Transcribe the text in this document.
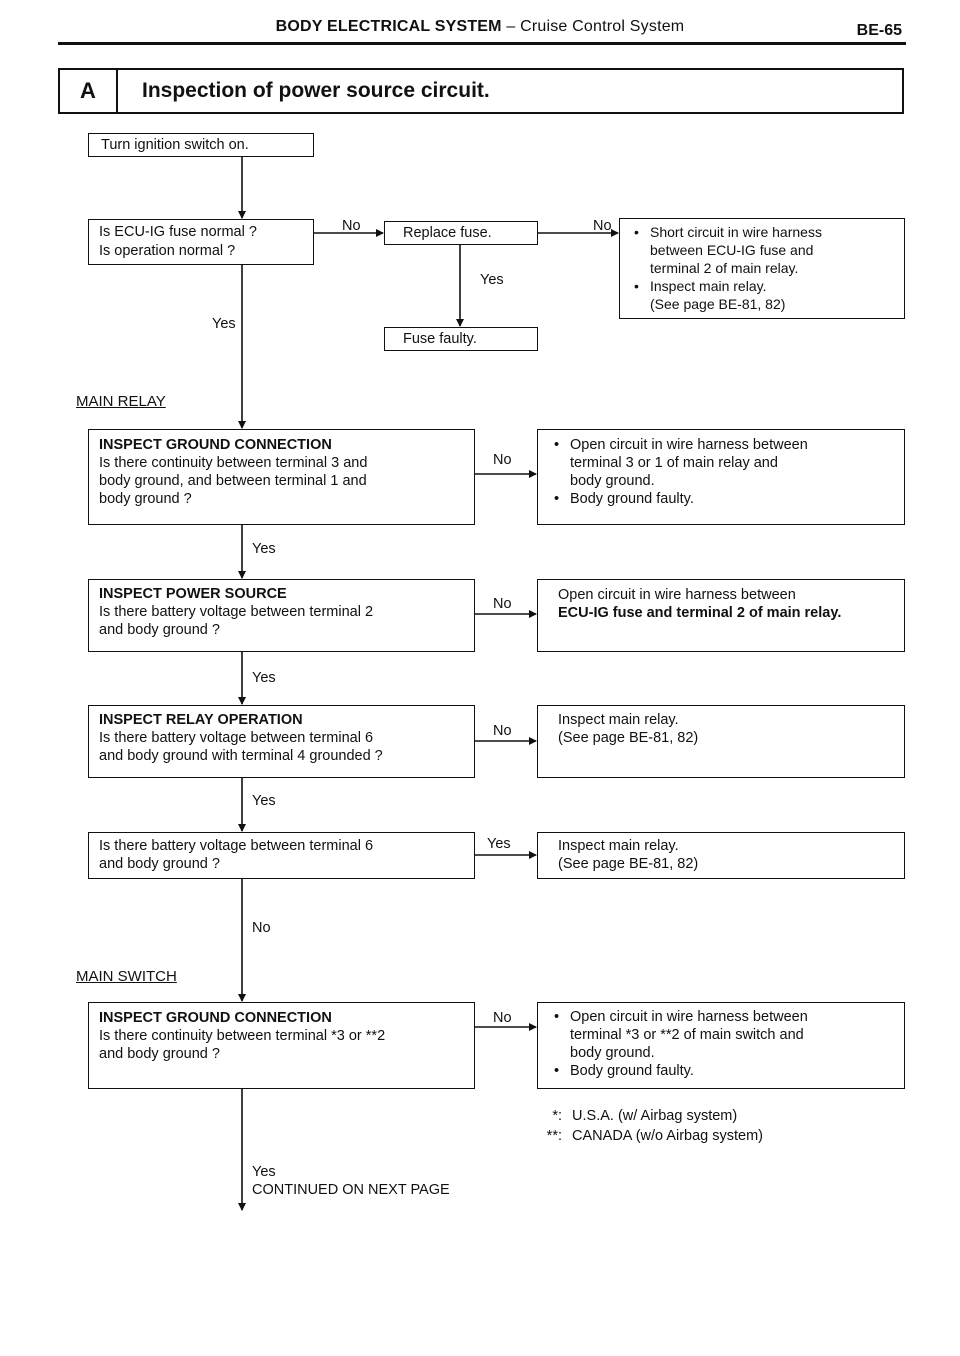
BODY ELECTRICAL SYSTEM – Cruise Control System	BE-65
A	Inspection of power source circuit.
Turn ignition switch on.
Is ECU-IG fuse normal ?
Is operation normal ?
Replace fuse.
Fuse faulty.
• Short circuit in wire harness
between ECU-IG fuse and
terminal 2 of main relay.
• Inspect main relay.
(See page BE-81, 82)
INSPECT GROUND CONNECTION
Is there continuity between terminal 3 and
body ground, and between terminal 1 and
body ground ?
• Open circuit in wire harness between
terminal 3 or 1 of main relay and
body ground.
• Body ground faulty.
INSPECT POWER SOURCE
Is there battery voltage between terminal 2
and body ground ?
Open circuit in wire harness between
ECU-IG fuse and terminal 2 of main relay.
INSPECT RELAY OPERATION
Is there battery voltage between terminal 6
and body ground with terminal 4 grounded ?
Inspect main relay.
(See page BE-81, 82)
Is there battery voltage between terminal 6
and body ground ?
Inspect main relay.
(See page BE-81, 82)
INSPECT GROUND CONNECTION
Is there continuity between terminal *3 or **2
and body ground ?
• Open circuit in wire harness between
terminal *3 or **2 of main switch and
body ground.
• Body ground faulty.
MAIN RELAY
MAIN SWITCH
No	No
Yes
Yes
No
Yes
No
Yes
No
Yes
Yes
No
No
Yes
CONTINUED ON NEXT PAGE
*: U.S.A. (w/ Airbag system)
**: CANADA (w/o Airbag system)
